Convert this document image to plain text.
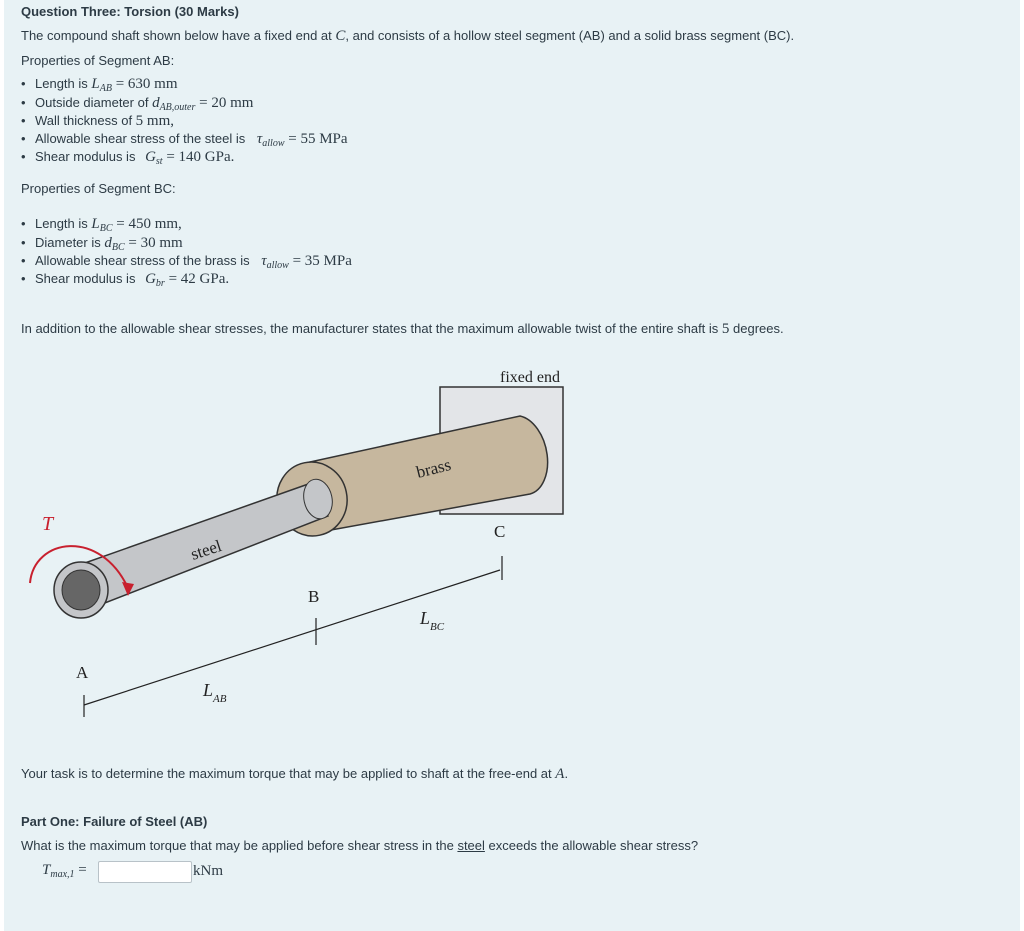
Question Three: Torsion (30 Marks)
The compound shaft shown below have a fixed end at C, and consists of a hollow steel segment (AB) and a solid brass segment (BC).
Properties of Segment AB:
• Length is $L_{AB} = 630$ mm
• Outside diameter of $d_{AB,outer} = 20$ mm
• Wall thickness of 5 mm,
• Allowable shear stress of the steel is $\tau_{allow} = 55$ MPa
• Shear modulus is $G_{st} = 140$ GPa.
Properties of Segment BC:
• Length is $L_{BC} = 450$ mm,
• Diameter is $d_{BC} = 30$ mm
• Allowable shear stress of the brass is $\tau_{allow} = 35$ MPa
• Shear modulus is $G_{br} = 42$ GPa.
In addition to the allowable shear stresses, the manufacturer states that the maximum allowable twist of the entire shaft is 5 degrees.
fixed end
brass
steel
T
A
B
C
$L_{AB}$
$L_{BC}$
Your task is to determine the maximum torque that may be applied to shaft at the free-end at A.
Part One: Failure of Steel (AB)
What is the maximum torque that may be applied before shear stress in the steel exceeds the allowable shear stress?
$T_{max,1}$ =	kNm
